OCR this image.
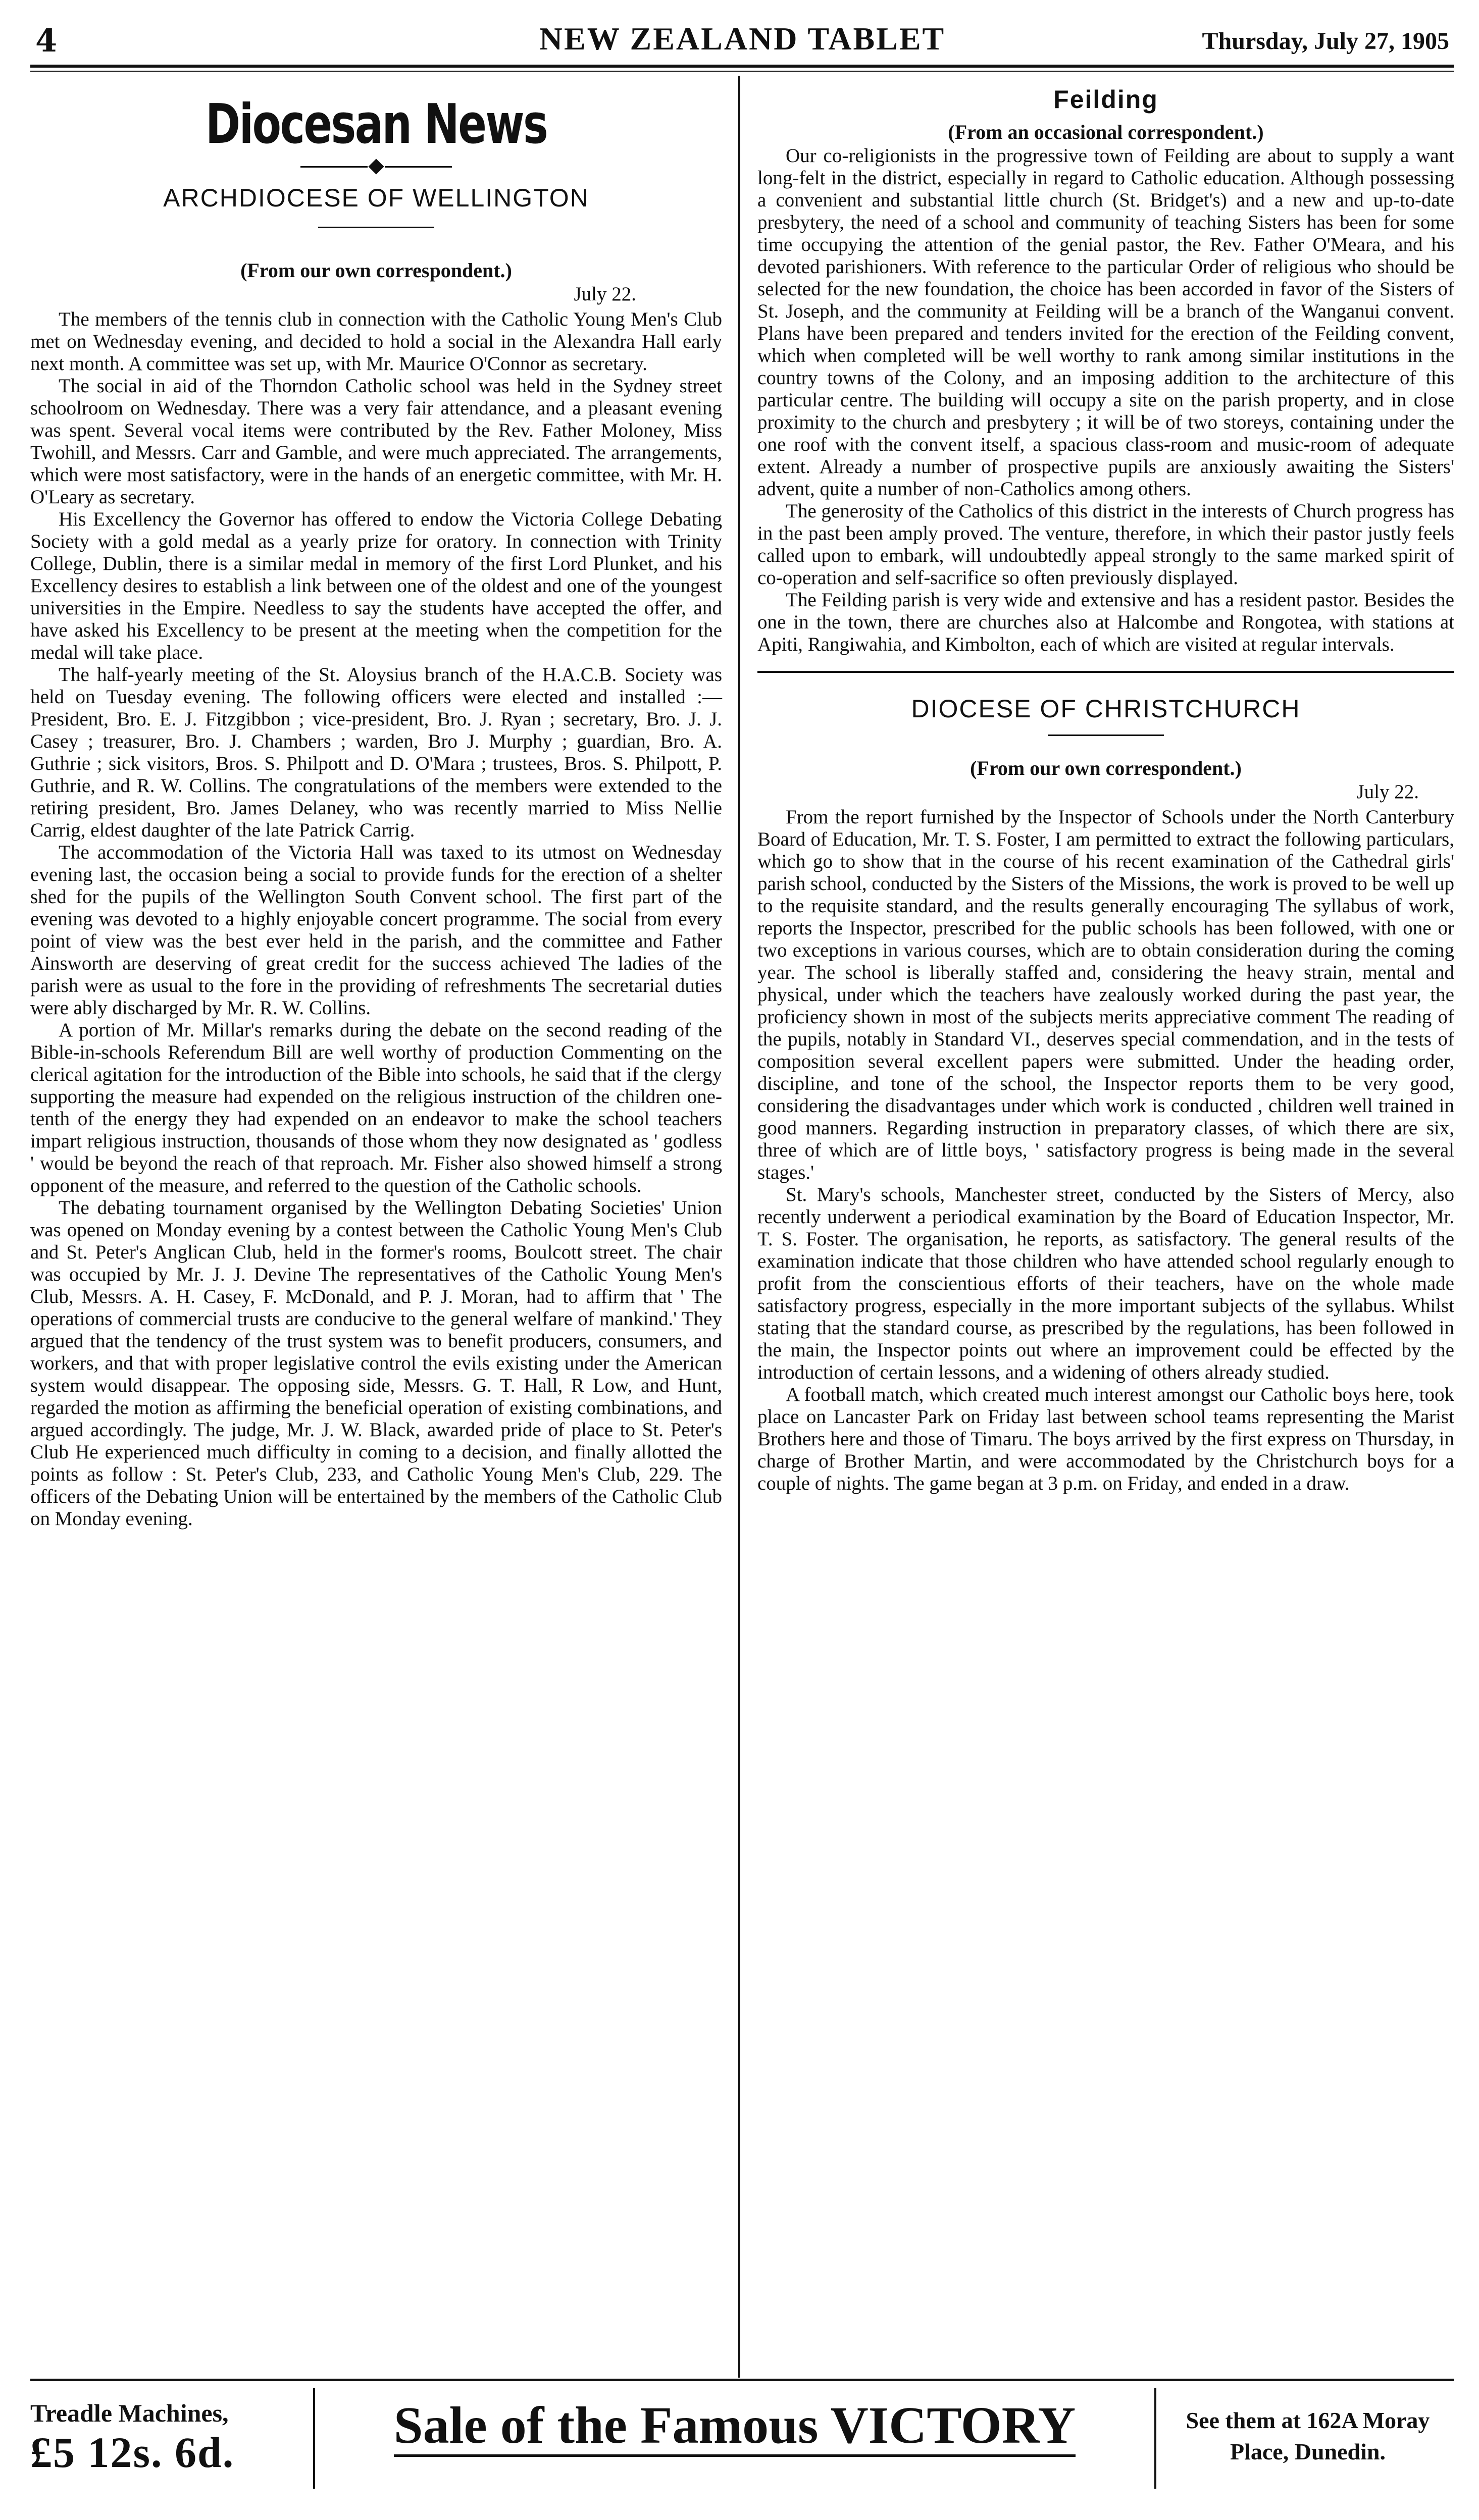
NEW ZEALAND TABLET
4	Thursday, July 27, 1905
Diocesan News
ARCHDIOCESE OF WELLINGTON
(From our own correspondent.)
July 22.

The members of the tennis club in connection with the Catholic Young Men's Club met on Wednesday evening, and decided to hold a social in the Alexandra Hall early next month. A committee was set up, with Mr. Maurice O'Connor as secretary.

The social in aid of the Thorndon Catholic school was held in the Sydney street schoolroom on Wednesday. There was a very fair attendance, and a pleasant evening was spent. Several vocal items were contributed by the Rev. Father Moloney, Miss Twohill, and Messrs. Carr and Gamble, and were much appreciated. The arrangements, which were most satisfactory, were in the hands of an energetic committee, with Mr. H. O'Leary as secretary.

His Excellency the Governor has offered to endow the Victoria College Debating Society with a gold medal as a yearly prize for oratory. In connection with Trinity College, Dublin, there is a similar medal in memory of the first Lord Plunket, and his Excellency desires to establish a link between one of the oldest and one of the youngest universities in the Empire. Needless to say the students have accepted the offer, and have asked his Excellency to be present at the meeting when the competition for the medal will take place.

The half-yearly meeting of the St. Aloysius branch of the H.A.C.B. Society was held on Tuesday evening. The following officers were elected and installed :—President, Bro. E. J. Fitzgibbon ; vice-president, Bro. J. Ryan ; secretary, Bro. J. J. Casey ; treasurer, Bro. J. Chambers ; warden, Bro J. Murphy ; guardian, Bro. A. Guthrie ; sick visitors, Bros. S. Philpott and D. O'Mara ; trustees, Bros. S. Philpott, P. Guthrie, and R. W. Collins. The congratulations of the members were extended to the retiring president, Bro. James Delaney, who was recently married to Miss Nellie Carrig, eldest daughter of the late Patrick Carrig.

The accommodation of the Victoria Hall was taxed to its utmost on Wednesday evening last, the occasion being a social to provide funds for the erection of a shelter shed for the pupils of the Wellington South Convent school. The first part of the evening was devoted to a highly enjoyable concert programme. The social from every point of view was the best ever held in the parish, and the committee and Father Ainsworth are deserving of great credit for the success achieved The ladies of the parish were as usual to the fore in the providing of refreshments The secretarial duties were ably discharged by Mr. R. W. Collins.

A portion of Mr. Millar's remarks during the debate on the second reading of the Bible-in-schools Referendum Bill are well worthy of production Commenting on the clerical agitation for the introduction of the Bible into schools, he said that if the clergy supporting the measure had expended on the religious instruction of the children one-tenth of the energy they had expended on an endeavor to make the school teachers impart religious instruction, thousands of those whom they now designated as ' godless ' would be beyond the reach of that reproach. Mr. Fisher also showed himself a strong opponent of the measure, and referred to the question of the Catholic schools.

The debating tournament organised by the Wellington Debating Societies' Union was opened on Monday evening by a contest between the Catholic Young Men's Club and St. Peter's Anglican Club, held in the former's rooms, Boulcott street. The chair was occupied by Mr. J. J. Devine The representatives of the Catholic Young Men's Club, Messrs. A. H. Casey, F. McDonald, and P. J. Moran, had to affirm that ' The operations of commercial trusts are conducive to the general welfare of mankind.' They argued that the tendency of the trust system was to benefit producers, consumers, and workers, and that with proper legislative control the evils existing under the American system would disappear. The opposing side, Messrs. G. T. Hall, R Low, and Hunt, regarded the motion as affirming the beneficial operation of existing combinations, and argued accordingly. The judge, Mr. J. W. Black, awarded pride of place to St. Peter's Club He experienced much difficulty in coming to a decision, and finally allotted the points as follow : St. Peter's Club, 233, and Catholic Young Men's Club, 229. The officers of the Debating Union will be entertained by the members of the Catholic Club on Monday evening.

Feilding
(From an occasional correspondent.)

Our co-religionists in the progressive town of Feilding are about to supply a want long-felt in the district, especially in regard to Catholic education. Although possessing a convenient and substantial little church (St. Bridget's) and a new and up-to-date presbytery, the need of a school and community of teaching Sisters has been for some time occupying the attention of the genial pastor, the Rev. Father O'Meara, and his devoted parishioners. With reference to the particular Order of religious who should be selected for the new foundation, the choice has been accorded in favor of the Sisters of St. Joseph, and the community at Feilding will be a branch of the Wanganui convent. Plans have been prepared and tenders invited for the erection of the Feilding convent, which when completed will be well worthy to rank among similar institutions in the country towns of the Colony, and an imposing addition to the architecture of this particular centre. The building will occupy a site on the parish property, and in close proximity to the church and presbytery ; it will be of two storeys, containing under the one roof with the convent itself, a spacious class-room and music-room of adequate extent. Already a number of prospective pupils are anxiously awaiting the Sisters' advent, quite a number of non-Catholics among others.

The generosity of the Catholics of this district in the interests of Church progress has in the past been amply proved. The venture, therefore, in which their pastor justly feels called upon to embark, will undoubtedly appeal strongly to the same marked spirit of co-operation and self-sacrifice so often previously displayed.

The Feilding parish is very wide and extensive and has a resident pastor. Besides the one in the town, there are churches also at Halcombe and Rongotea, with stations at Apiti, Rangiwahia, and Kimbolton, each of which are visited at regular intervals.

DIOCESE OF CHRISTCHURCH
(From our own correspondent.)
July 22.

From the report furnished by the Inspector of Schools under the North Canterbury Board of Education, Mr. T. S. Foster, I am permitted to extract the following particulars, which go to show that in the course of his recent examination of the Cathedral girls' parish school, conducted by the Sisters of the Missions, the work is proved to be well up to the requisite standard, and the results generally encouraging The syllabus of work, reports the Inspector, prescribed for the public schools has been followed, with one or two exceptions in various courses, which are to obtain consideration during the coming year. The school is liberally staffed and, considering the heavy strain, mental and physical, under which the teachers have zealously worked during the past year, the proficiency shown in most of the subjects merits appreciative comment The reading of the pupils, notably in Standard VI., deserves special commendation, and in the tests of composition several excellent papers were submitted. Under the heading order, discipline, and tone of the school, the Inspector reports them to be very good, considering the disadvantages under which work is conducted , children well trained in good manners. Regarding instruction in preparatory classes, of which there are six, three of which are of little boys, ' satisfactory progress is being made in the several stages.'

St. Mary's schools, Manchester street, conducted by the Sisters of Mercy, also recently underwent a periodical examination by the Board of Education Inspector, Mr. T. S. Foster. The organisation, he reports, as satisfactory. The general results of the examination indicate that those children who have attended school regularly enough to profit from the conscientious efforts of their teachers, have on the whole made satisfactory progress, especially in the more important subjects of the syllabus. Whilst stating that the standard course, as prescribed by the regulations, has been followed in the main, the Inspector points out where an improvement could be effected by the introduction of certain lessons, and a widening of others already studied.

A football match, which created much interest amongst our Catholic boys here, took place on Lancaster Park on Friday last between school teams representing the Marist Brothers here and those of Timaru. The boys arrived by the first express on Thursday, in charge of Brother Martin, and were accommodated by the Christchurch boys for a couple of nights. The game began at 3 p.m. on Friday, and ended in a draw.

Treadle Machines,
£5 12s. 6d.	Sale of the Famous VICTORY	See them at 162A Moray
Place, Dunedin.
